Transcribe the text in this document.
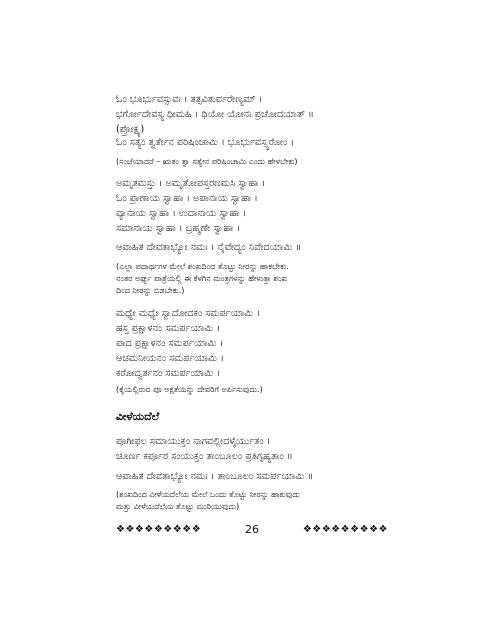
ಓಂ ಭೂರ್ಭುವಸ್ಸುವಃ । ತತ್ಸವಿತುರ್ವರೇಣ್ಯಮ್ ।
ಭರ್ಗೋದೇವಸ್ಯ ಧೀಮಹಿ । ಧಿಯೋ ಯೋನಃ ಪ್ರಚೋದಯಾತ್ ॥
(ಪ್ರೋಕ್ಷ್ಯ)
ಓಂ ಸತ್ಯಂ ತ್ವರ್ತೇನ ಪರಿಷಿಂಚಾಮಿ । ಭೂರ್ಭುವಸ್ಸ್ವರೋಂ ।
(ಸಂಜೆಯಾದರೆ – ಋತಂ ತ್ವಾ ಸತ್ಯೇನ ಪರಿಷಿಂಚಾಮಿ ಎಂದು ಹೇಳಬೇಕು)
ಅಮೃತಮಸ್ತು । ಅಮೃತೋಪಸ್ತರಣಮಸಿ ಸ್ವಾಹಾ ।
ಓಂ ಪ್ರಾಣಾಯ ಸ್ವಾಹಾ । ಅಪಾನಾಯ ಸ್ವಾಹಾ ।
ವ್ಯಾನಾಯ ಸ್ವಾಹಾ । ಉದಾನಾಯ ಸ್ವಾಹಾ ।
ಸಮಾನಾಯ ಸ್ವಾಹಾ । ಬ್ರಹ್ಮಣೇ ಸ್ವಾಹಾ ।
ಆವಾಹಿತ ದೇವತಾಭ್ಯೋ ನಮಃ । ನೈವೇದ್ಯಂ ನಿವೇದಯಾಮಿ ॥
(ಎಲ್ಲಾ ಪದಾರ್ಥಗಳ ಮೇಲೆ ಶಂಖದಿಂದ ತೊಟ್ಟು ನೀರನ್ನು ಹಾಕಬೇಕು.
ನಂತರ ಅರ್ಘ್ಯ ಪಾತ್ರೆಯಲ್ಲಿ ಈ ಕೆಳಗಿನ ಮಂತ್ರಗಳನ್ನು ಹೇಳುತ್ತಾ ಶಂಖ
ದಿಂದ ನೀರನ್ನು ಬಿಡಬೇಕು.)
ಮಧ್ಯೇ ಮಧ್ಯೇ ಸ್ವಾದೋದಕಂ ಸಮರ್ಪಯಾಮಿ ।
ಹಸ್ತ ಪ್ರಕ್ಷಾಳನಂ ಸಮರ್ಪಯಾಮಿ ।
ಪಾದ ಪ್ರಕ್ಷಾಳನಂ ಸಮರ್ಪಯಾಮಿ ।
ಆಚಮನೀಯನಂ ಸಮರ್ಪಯಾಮಿ ।
ಕರೋದ್ವರ್ತನಂ ಸಮರ್ಪಯಾಮಿ ।
(ಕೈಯಲ್ಲಿರುವ ಪೂ ಅಕ್ಷತೆಯನ್ನು ದೇವರಿಗೆ ಅರ್ಪಿಸುವುದು.)
ವೀಳೆಯದೆಲೆ
ಪೂಗೀಫಲ ಸಮಾಯುಕ್ತಂ ನಾಗವಲ್ಲೀದಳೈರ್ಯುತಂ ।
ಚೂರ್ಣ ಕರ್ಪೂರ ಸಂಯುಕ್ತಂ ತಾಂಬೂಲಂ ಪ್ರತಿಗೃಹ್ಯತಾಂ ॥
ಆವಾಹಿತ ದೇವತಾಭ್ಯೋ ನಮಃ । ತಾಂಬೂಲಂ ಸಮರ್ಪಯಾಮಿ ॥
(ಶಂಖದಿಂದ ವೀಳೆಯದೆಲೆಯ ಮೇಲೆ ಒಂದು ತೊಟ್ಟು ನೀರನ್ನು ಹಾಕುವುದು
ಮತ್ತು ವೀಳೆಯದೆಲೆಯ ತೊಟ್ಟು ಮುರಿಯುವುದು)
❖❖❖❖❖❖❖❖❖	26	❖❖❖❖❖❖❖❖❖
